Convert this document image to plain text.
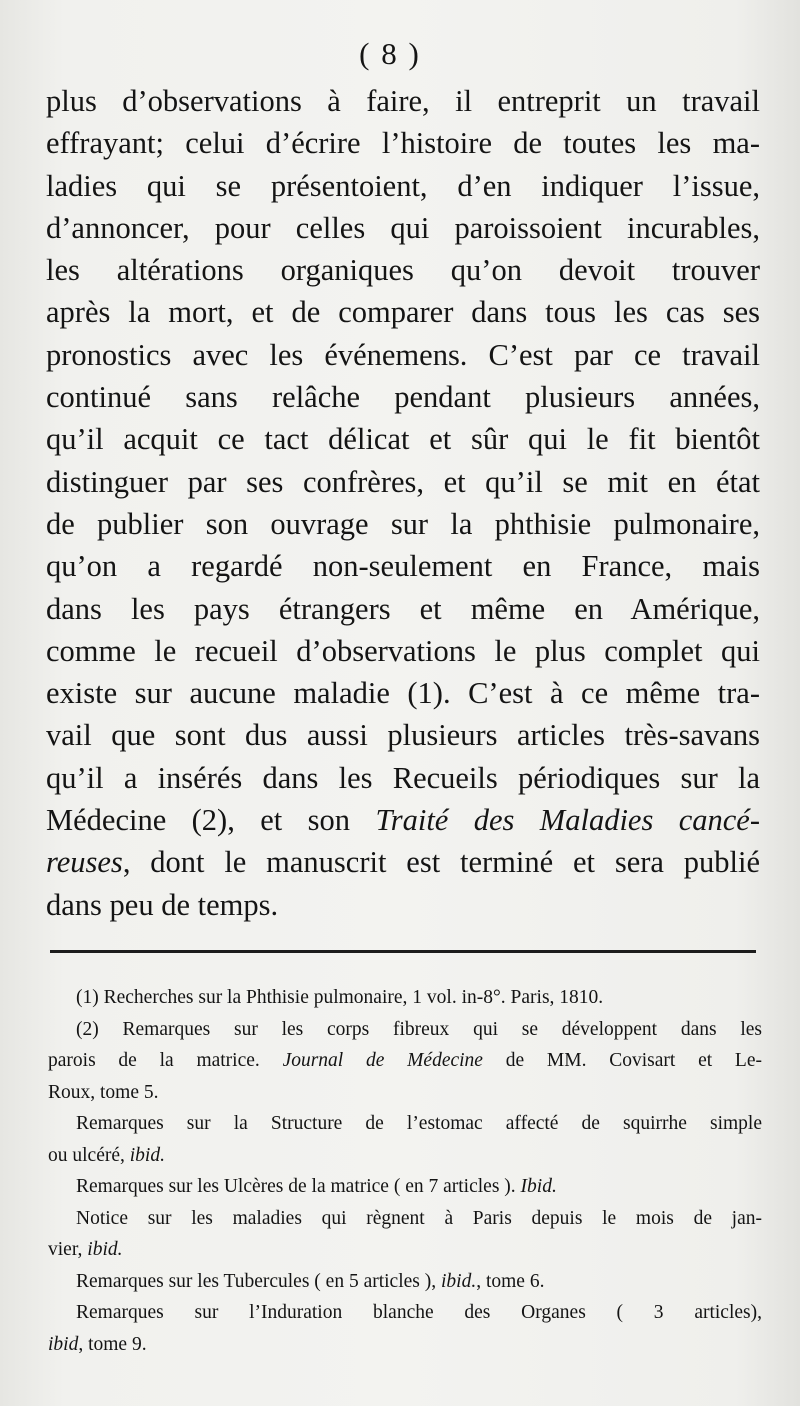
( 8 )
plus d’observations à faire, il entreprit un travail
effrayant; celui d’écrire l’histoire de toutes les ma-
ladies qui se présentoient, d’en indiquer l’issue,
d’annoncer, pour celles qui paroissoient incurables,
les altérations organiques qu’on devoit trouver
après la mort, et de comparer dans tous les cas ses
pronostics avec les événemens. C’est par ce travail
continué sans relâche pendant plusieurs années,
qu’il acquit ce tact délicat et sûr qui le fit bientôt
distinguer par ses confrères, et qu’il se mit en état
de publier son ouvrage sur la phthisie pulmonaire,
qu’on a regardé non-seulement en France, mais
dans les pays étrangers et même en Amérique,
comme le recueil d’observations le plus complet qui
existe sur aucune maladie (1). C’est à ce même tra-
vail que sont dus aussi plusieurs articles très-savans
qu’il a insérés dans les Recueils périodiques sur la
Médecine (2), et son Traité des Maladies cancé-
reuses, dont le manuscrit est terminé et sera publié
dans peu de temps.
(1) Recherches sur la Phthisie pulmonaire, 1 vol. in-8°. Paris, 1810.
(2) Remarques sur les corps fibreux qui se développent dans les
parois de la matrice. Journal de Médecine de MM. Covisart et Le-
Roux, tome 5.
Remarques sur la Structure de l’estomac affecté de squirrhe simple
ou ulcéré, ibid.
Remarques sur les Ulcères de la matrice ( en 7 articles ). Ibid.
Notice sur les maladies qui règnent à Paris depuis le mois de jan-
vier, ibid.
Remarques sur les Tubercules ( en 5 articles ), ibid., tome 6.
Remarques sur l’Induration blanche des Organes ( 3 articles),
ibid, tome 9.
